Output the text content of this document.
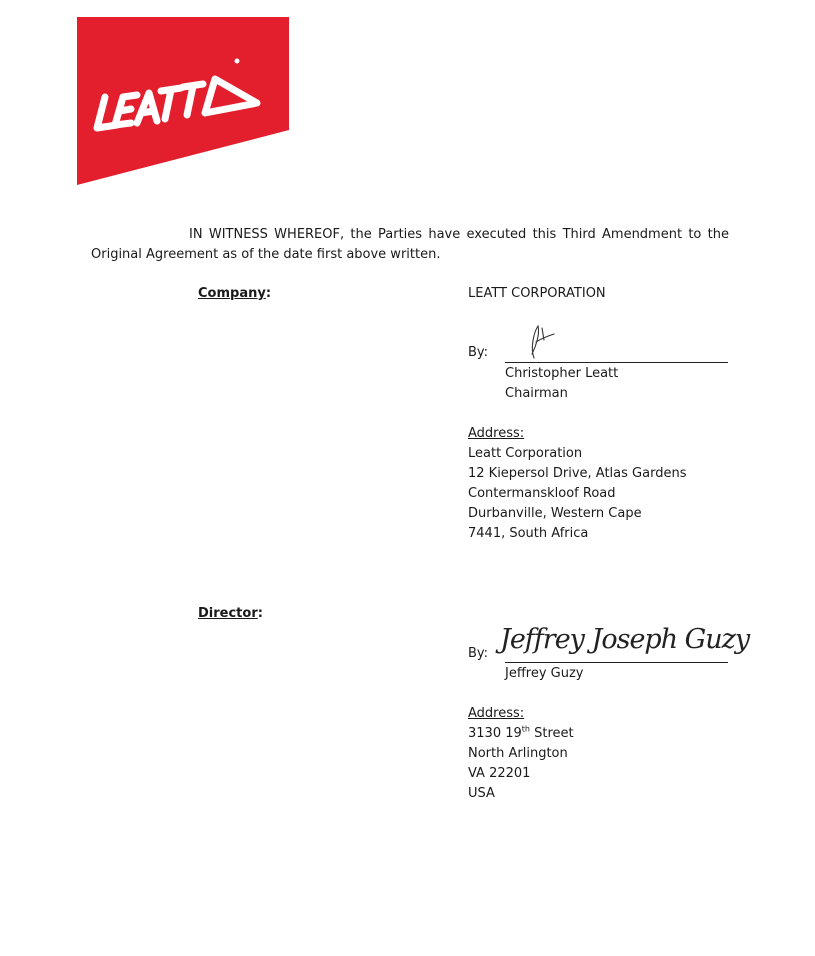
IN WITNESS WHEREOF, the Parties have executed this Third Amendment to the Original Agreement as of the date first above written.
Company:	LEATT CORPORATION
By:
Christopher Leatt
Chairman
Address:
Leatt Corporation
12 Kiepersol Drive, Atlas Gardens
Contermanskloof Road
Durbanville, Western Cape
7441, South Africa
Director:
By: Jeffrey Joseph Guzy
Jeffrey Guzy
Address:
3130 19th Street
North Arlington
VA 22201
USA
